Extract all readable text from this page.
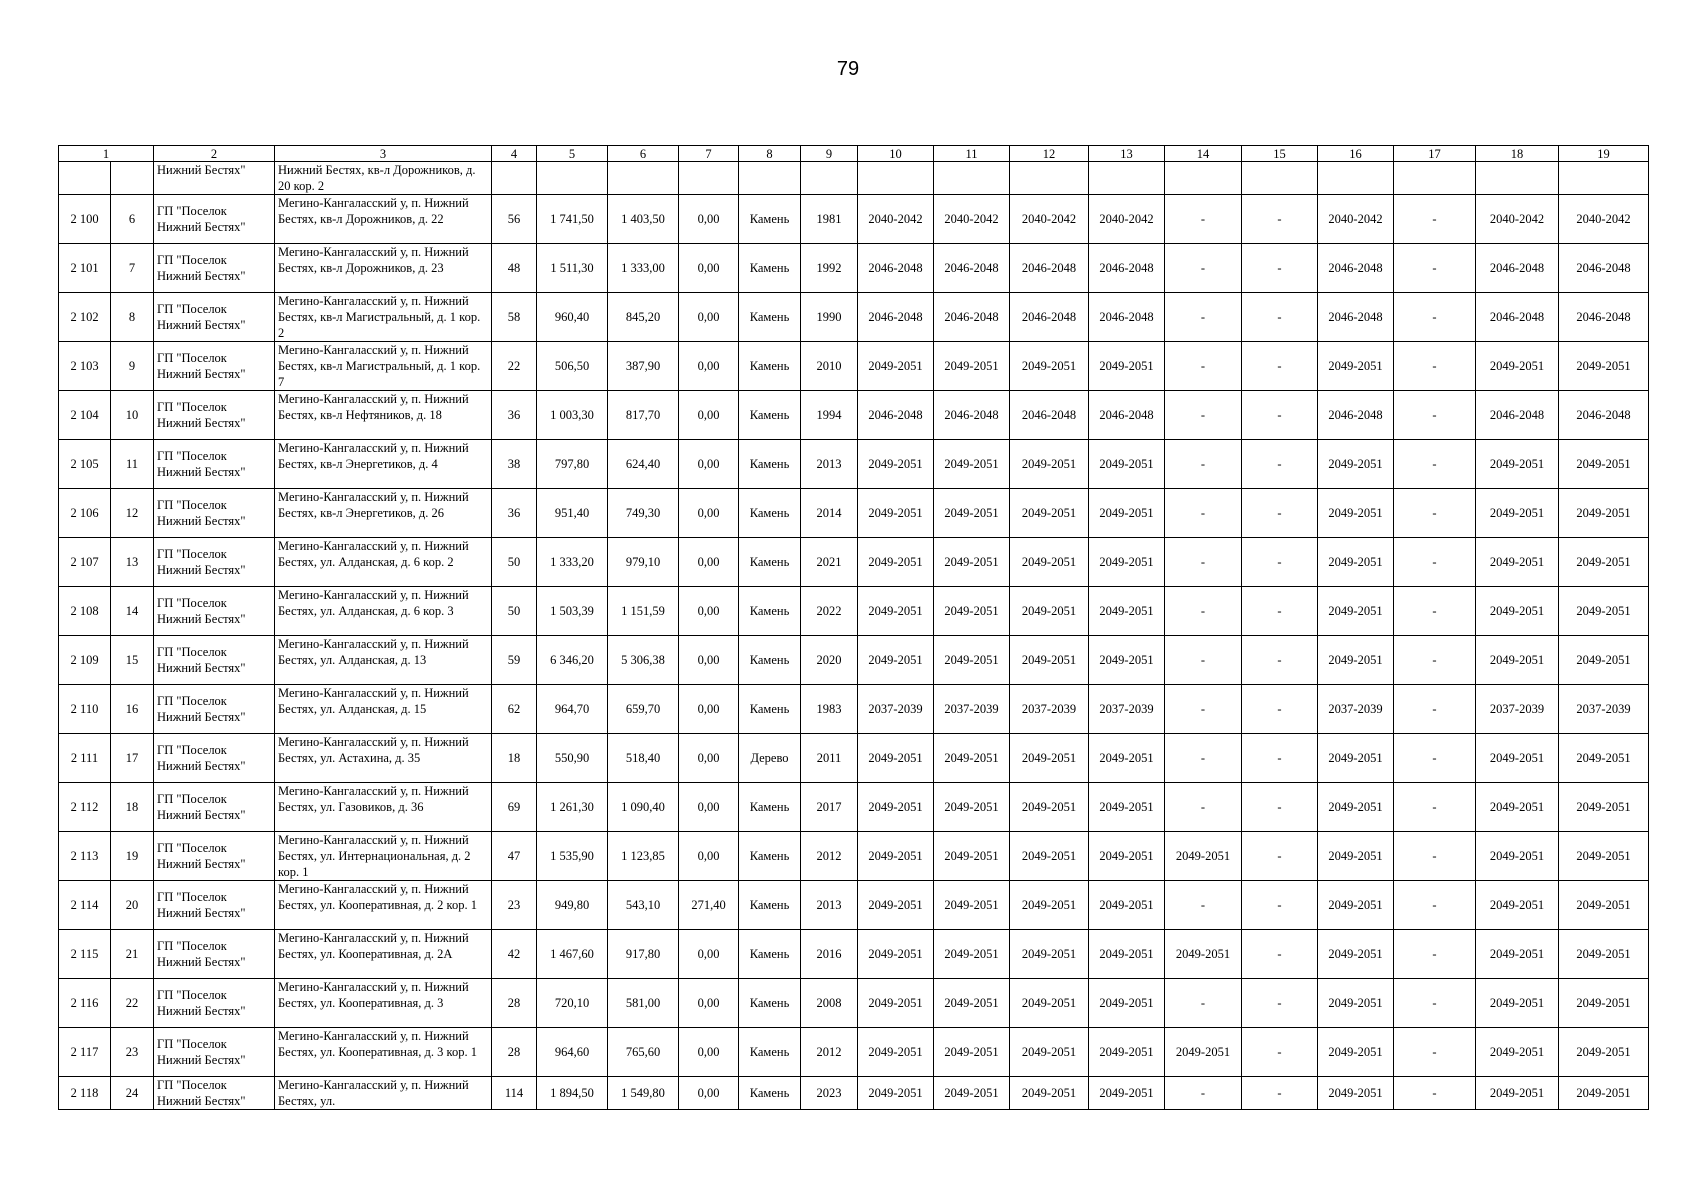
79
1		2	3	4	5	6	7	8	9	10	11	12	13	14	15	16	17	18	19
		Нижний Бестях"	Нижний Бестях, кв-л Дорожников, д. 20 кор. 2																
2 100	6	ГП "Поселок Нижний Бестях"	Мегино-Кангаласский у, п. Нижний Бестях, кв-л Дорожников, д. 22	56	1 741,50	1 403,50	0,00	Камень	1981	2040-2042	2040-2042	2040-2042	2040-2042	-	-	2040-2042	-	2040-2042	2040-2042
2 101	7	ГП "Поселок Нижний Бестях"	Мегино-Кангаласский у, п. Нижний Бестях, кв-л Дорожников, д. 23	48	1 511,30	1 333,00	0,00	Камень	1992	2046-2048	2046-2048	2046-2048	2046-2048	-	-	2046-2048	-	2046-2048	2046-2048
2 102	8	ГП "Поселок Нижний Бестях"	Мегино-Кангаласский у, п. Нижний Бестях, кв-л Магистральный, д. 1 кор. 2	58	960,40	845,20	0,00	Камень	1990	2046-2048	2046-2048	2046-2048	2046-2048	-	-	2046-2048	-	2046-2048	2046-2048
2 103	9	ГП "Поселок Нижний Бестях"	Мегино-Кангаласский у, п. Нижний Бестях, кв-л Магистральный, д. 1 кор. 7	22	506,50	387,90	0,00	Камень	2010	2049-2051	2049-2051	2049-2051	2049-2051	-	-	2049-2051	-	2049-2051	2049-2051
2 104	10	ГП "Поселок Нижний Бестях"	Мегино-Кангаласский у, п. Нижний Бестях, кв-л Нефтяников, д. 18	36	1 003,30	817,70	0,00	Камень	1994	2046-2048	2046-2048	2046-2048	2046-2048	-	-	2046-2048	-	2046-2048	2046-2048
2 105	11	ГП "Поселок Нижний Бестях"	Мегино-Кангаласский у, п. Нижний Бестях, кв-л Энергетиков, д. 4	38	797,80	624,40	0,00	Камень	2013	2049-2051	2049-2051	2049-2051	2049-2051	-	-	2049-2051	-	2049-2051	2049-2051
2 106	12	ГП "Поселок Нижний Бестях"	Мегино-Кангаласский у, п. Нижний Бестях, кв-л Энергетиков, д. 26	36	951,40	749,30	0,00	Камень	2014	2049-2051	2049-2051	2049-2051	2049-2051	-	-	2049-2051	-	2049-2051	2049-2051
2 107	13	ГП "Поселок Нижний Бестях"	Мегино-Кангаласский у, п. Нижний Бестях, ул. Алданская, д. 6 кор. 2	50	1 333,20	979,10	0,00	Камень	2021	2049-2051	2049-2051	2049-2051	2049-2051	-	-	2049-2051	-	2049-2051	2049-2051
2 108	14	ГП "Поселок Нижний Бестях"	Мегино-Кангаласский у, п. Нижний Бестях, ул. Алданская, д. 6 кор. 3	50	1 503,39	1 151,59	0,00	Камень	2022	2049-2051	2049-2051	2049-2051	2049-2051	-	-	2049-2051	-	2049-2051	2049-2051
2 109	15	ГП "Поселок Нижний Бестях"	Мегино-Кангаласский у, п. Нижний Бестях, ул. Алданская, д. 13	59	6 346,20	5 306,38	0,00	Камень	2020	2049-2051	2049-2051	2049-2051	2049-2051	-	-	2049-2051	-	2049-2051	2049-2051
2 110	16	ГП "Поселок Нижний Бестях"	Мегино-Кангаласский у, п. Нижний Бестях, ул. Алданская, д. 15	62	964,70	659,70	0,00	Камень	1983	2037-2039	2037-2039	2037-2039	2037-2039	-	-	2037-2039	-	2037-2039	2037-2039
2 111	17	ГП "Поселок Нижний Бестях"	Мегино-Кангаласский у, п. Нижний Бестях, ул. Астахина, д. 35	18	550,90	518,40	0,00	Дерево	2011	2049-2051	2049-2051	2049-2051	2049-2051	-	-	2049-2051	-	2049-2051	2049-2051
2 112	18	ГП "Поселок Нижний Бестях"	Мегино-Кангаласский у, п. Нижний Бестях, ул. Газовиков, д. 36	69	1 261,30	1 090,40	0,00	Камень	2017	2049-2051	2049-2051	2049-2051	2049-2051	-	-	2049-2051	-	2049-2051	2049-2051
2 113	19	ГП "Поселок Нижний Бестях"	Мегино-Кангаласский у, п. Нижний Бестях, ул. Интернациональная, д. 2 кор. 1	47	1 535,90	1 123,85	0,00	Камень	2012	2049-2051	2049-2051	2049-2051	2049-2051	2049-2051	-	2049-2051	-	2049-2051	2049-2051
2 114	20	ГП "Поселок Нижний Бестях"	Мегино-Кангаласский у, п. Нижний Бестях, ул. Кооперативная, д. 2 кор. 1	23	949,80	543,10	271,40	Камень	2013	2049-2051	2049-2051	2049-2051	2049-2051	-	-	2049-2051	-	2049-2051	2049-2051
2 115	21	ГП "Поселок Нижний Бестях"	Мегино-Кангаласский у, п. Нижний Бестях, ул. Кооперативная, д. 2А	42	1 467,60	917,80	0,00	Камень	2016	2049-2051	2049-2051	2049-2051	2049-2051	2049-2051	-	2049-2051	-	2049-2051	2049-2051
2 116	22	ГП "Поселок Нижний Бестях"	Мегино-Кангаласский у, п. Нижний Бестях, ул. Кооперативная, д. 3	28	720,10	581,00	0,00	Камень	2008	2049-2051	2049-2051	2049-2051	2049-2051	-	-	2049-2051	-	2049-2051	2049-2051
2 117	23	ГП "Поселок Нижний Бестях"	Мегино-Кангаласский у, п. Нижний Бестях, ул. Кооперативная, д. 3 кор. 1	28	964,60	765,60	0,00	Камень	2012	2049-2051	2049-2051	2049-2051	2049-2051	2049-2051	-	2049-2051	-	2049-2051	2049-2051
2 118	24	ГП "Поселок Нижний Бестях"	Мегино-Кангаласский у, п. Нижний Бестях, ул.	114	1 894,50	1 549,80	0,00	Камень	2023	2049-2051	2049-2051	2049-2051	2049-2051	-	-	2049-2051	-	2049-2051	2049-2051
